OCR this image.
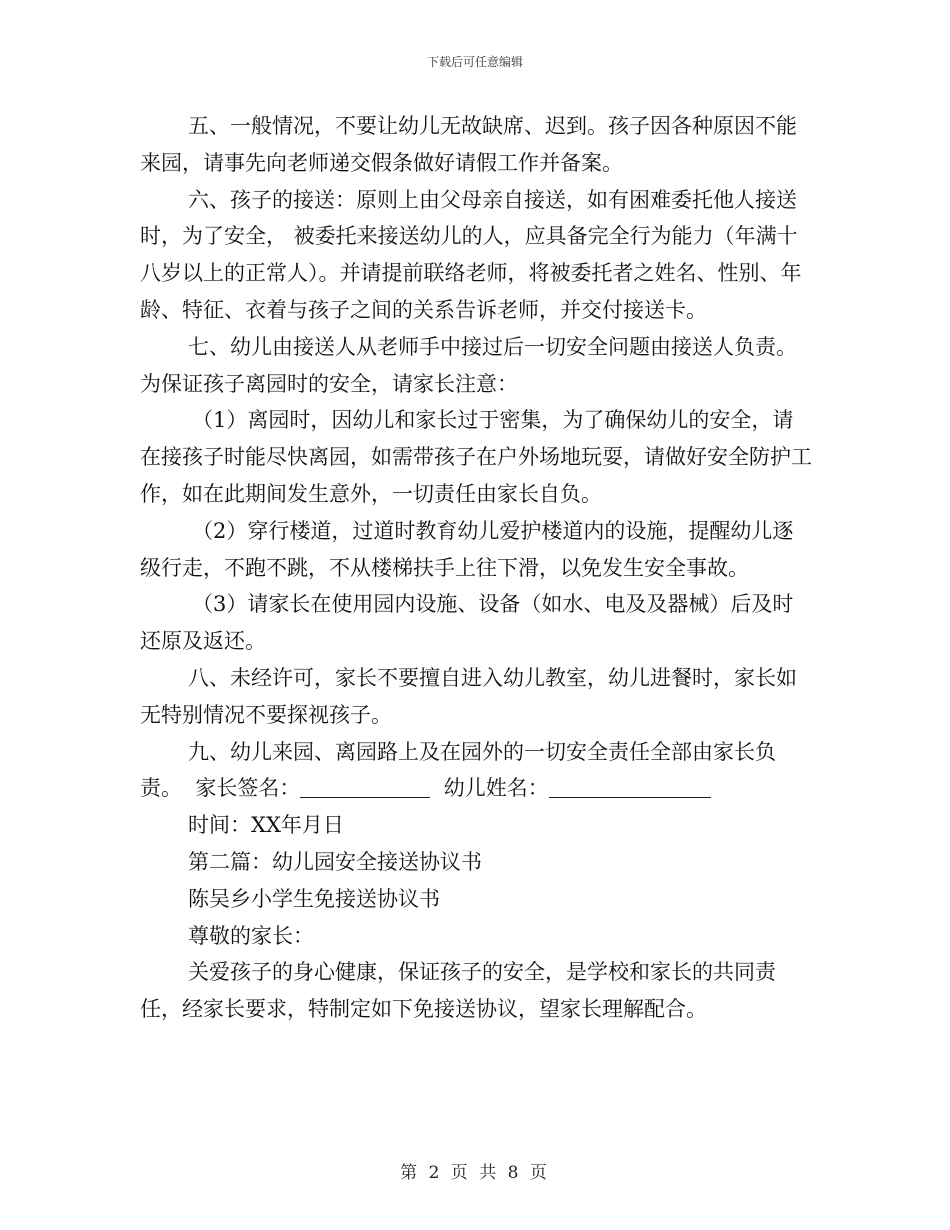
下载后可任意编辑

五、一般情况，不要让幼儿无故缺席、迟到。孩子因各种原因不能来园，请事先向老师递交假条做好请假工作并备案。

六、孩子的接送：原则上由父母亲自接送，如有困难委托他人接送时，为了安全， 被委托来接送幼儿的人，应具备完全行为能力（年满十八岁以上的正常人）。并请提前联络老师，将被委托者之姓名、性别、年龄、特征、衣着与孩子之间的关系告诉老师，并交付接送卡。

七、幼儿由接送人从老师手中接过后一切安全问题由接送人负责。为保证孩子离园时的安全，请家长注意：

（1）离园时，因幼儿和家长过于密集，为了确保幼儿的安全，请在接孩子时能尽快离园，如需带孩子在户外场地玩耍，请做好安全防护工作，如在此期间发生意外，一切责任由家长自负。

（2）穿行楼道，过道时教育幼儿爱护楼道内的设施，提醒幼儿逐级行走，不跑不跳，不从楼梯扶手上往下滑，以免发生安全事故。

（3）请家长在使用园内设施、设备（如水、电及及器械）后及时还原及返还。

八、未经许可，家长不要擅自进入幼儿教室，幼儿进餐时，家长如无特别情况不要探视孩子。

九、幼儿来园、离园路上及在园外的一切安全责任全部由家长负责。 家长签名：	幼儿姓名：

时间：XX年月日

第二篇：幼儿园安全接送协议书

陈吴乡小学生免接送协议书

尊敬的家长：

关爱孩子的身心健康，保证孩子的安全，是学校和家长的共同责任，经家长要求，特制定如下免接送协议，望家长理解配合。

第 2 页 共 8 页
